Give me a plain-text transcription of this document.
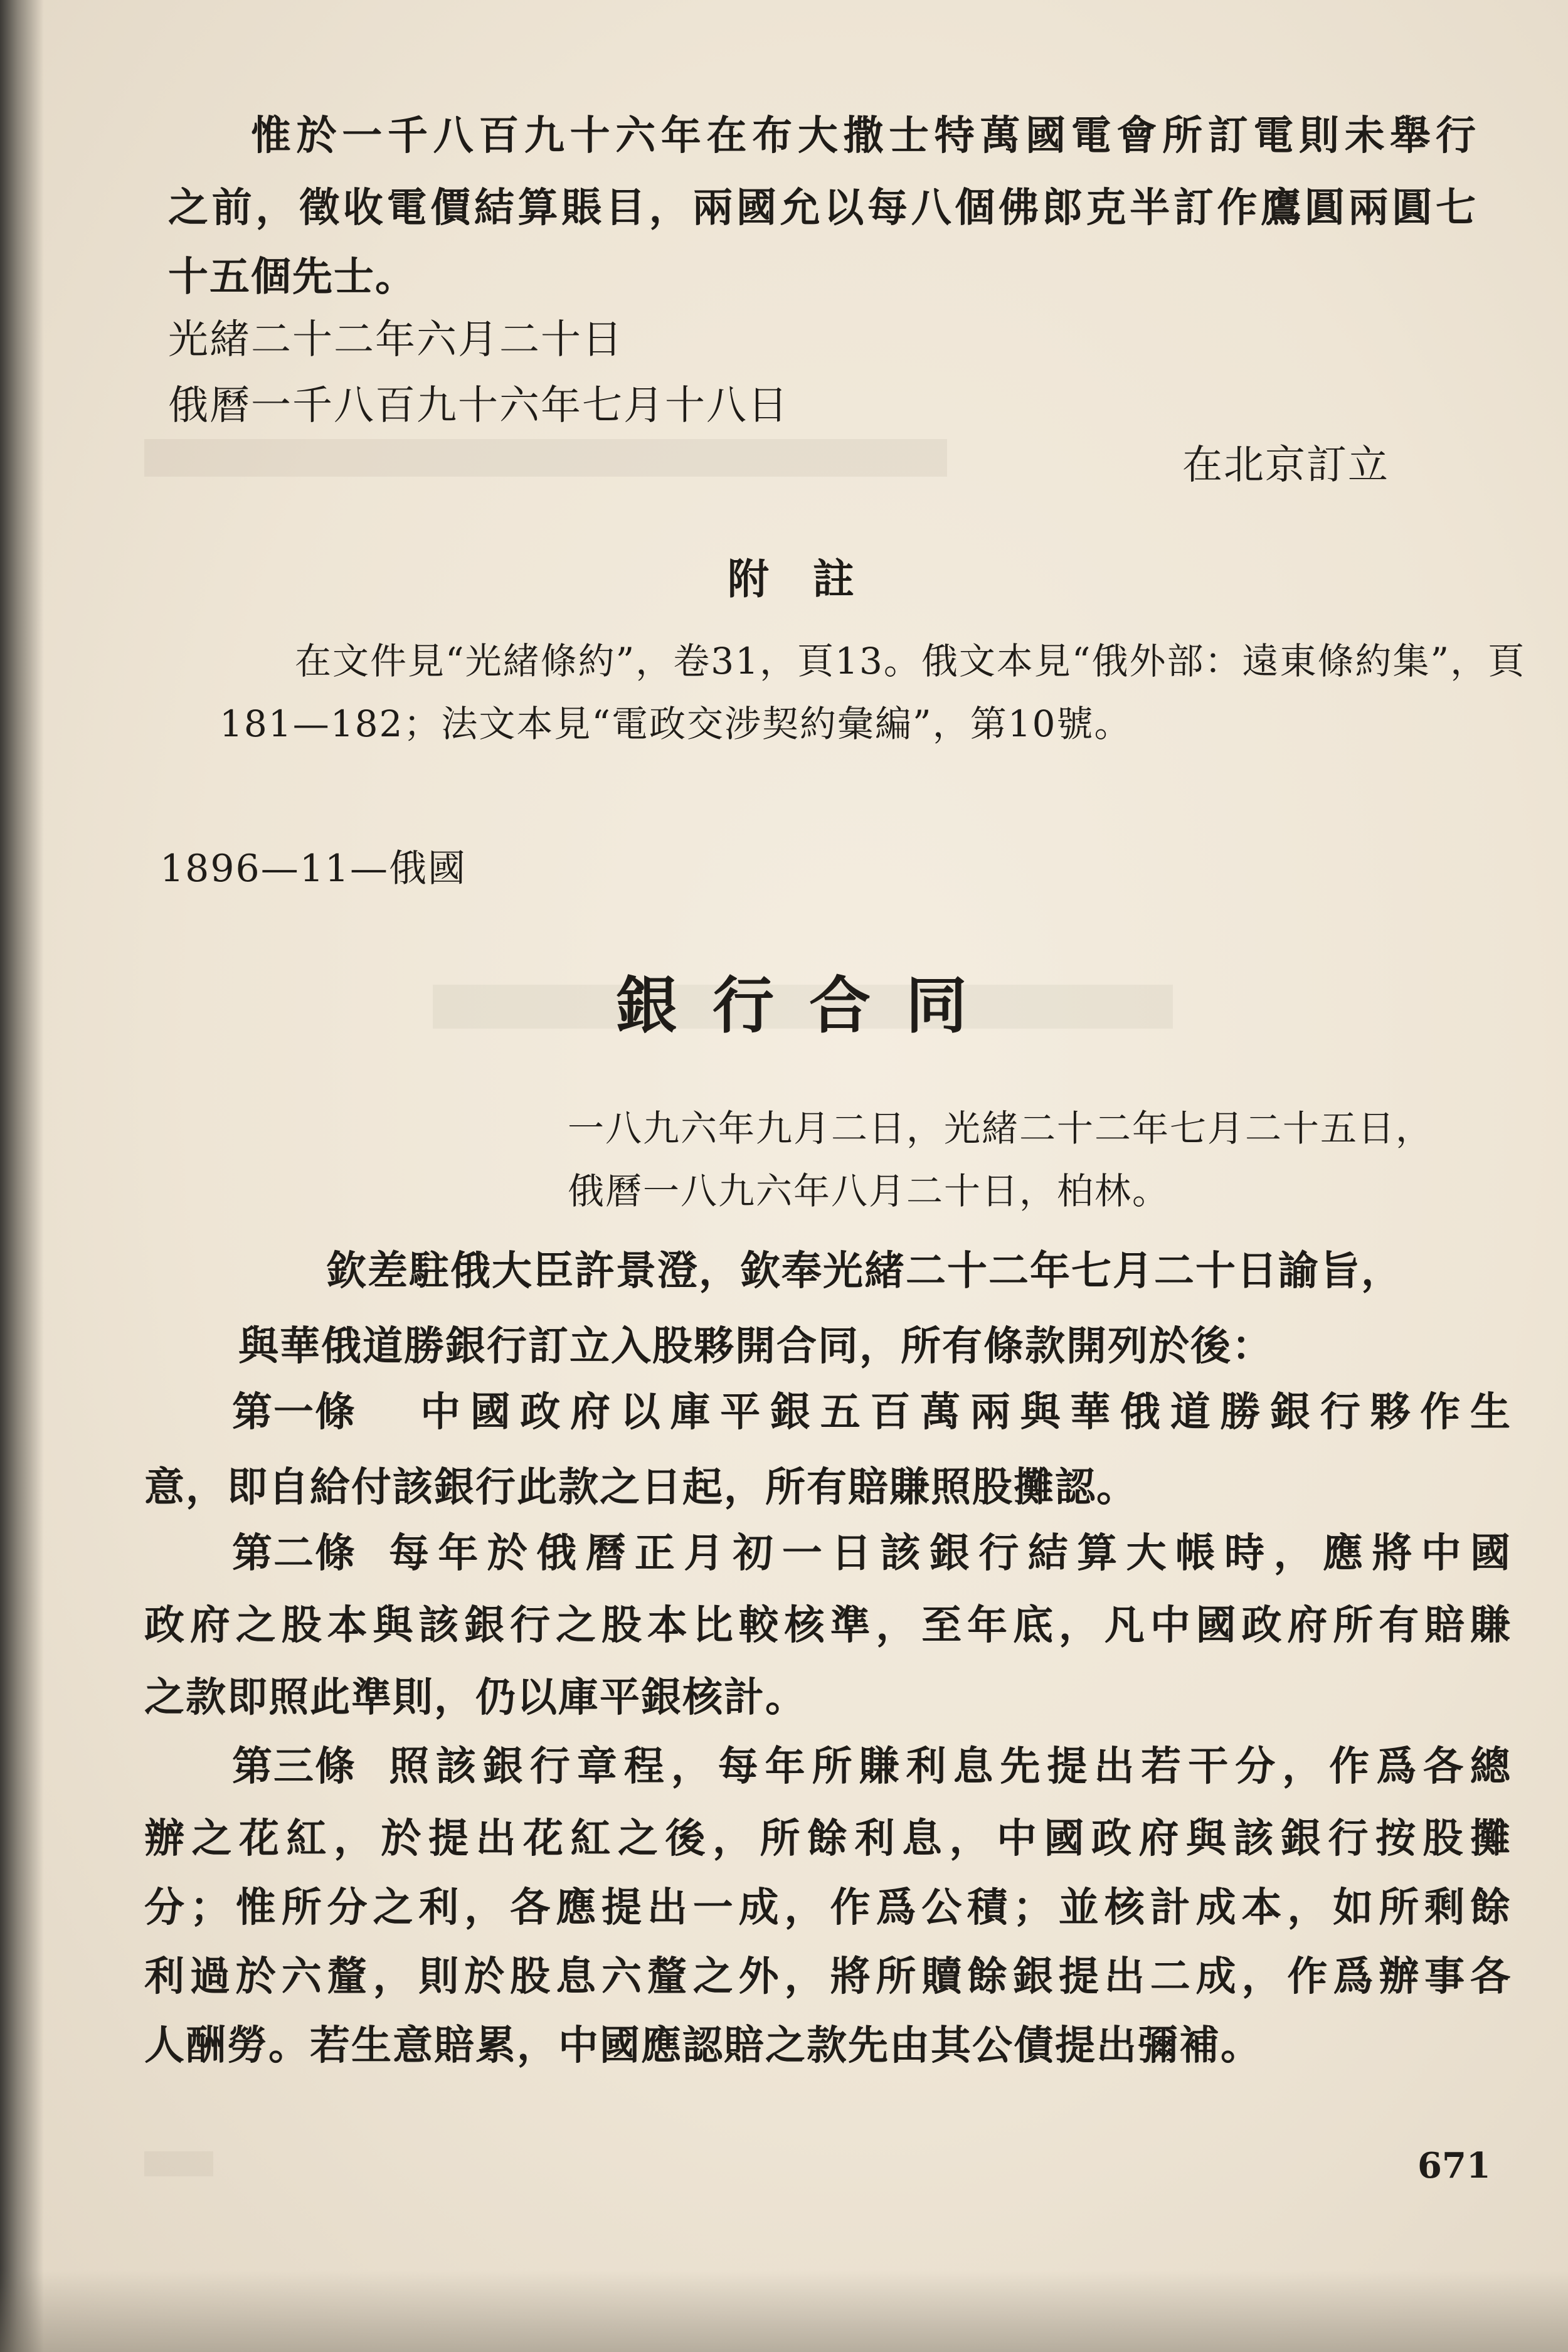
惟於一千八百九十六年在布大撒士特萬國電會所訂電則未舉行
之前，徵收電價結算賬目，兩國允以每八個佛郎克半訂作鷹圓兩圓七
十五個先士。
光緒二十二年六月二十日
俄曆一千八百九十六年七月十八日
在北京訂立
附　註
在文件見“光緒條約”，卷31，頁13。俄文本見“俄外部：遠東條約集”，頁
181—182；法文本見“電政交涉契約彙編”，第10號。
1896—11—俄國
銀行合同
一八九六年九月二日，光緒二十二年七月二十五日，
俄曆一八九六年八月二十日，柏林。
欽差駐俄大臣許景澄，欽奉光緒二十二年七月二十日諭旨，
與華俄道勝銀行訂立入股夥開合同，所有條款開列於後：
第一條 中國政府以庫平銀五百萬兩與華俄道勝銀行夥作生
意，即自給付該銀行此款之日起，所有賠賺照股攤認。
第二條 每年於俄曆正月初一日該銀行結算大帳時，應將中國
政府之股本與該銀行之股本比較核準，至年底，凡中國政府所有賠賺
之款即照此準則，仍以庫平銀核計。
第三條 照該銀行章程，每年所賺利息先提出若干分，作爲各總
辦之花紅，於提出花紅之後，所餘利息，中國政府與該銀行按股攤
分；惟所分之利，各應提出一成，作爲公積；並核計成本，如所剩餘
利過於六釐，則於股息六釐之外，將所贖餘銀提出二成，作爲辦事各
人酬勞。若生意賠累，中國應認賠之款先由其公債提出彌補。
671
